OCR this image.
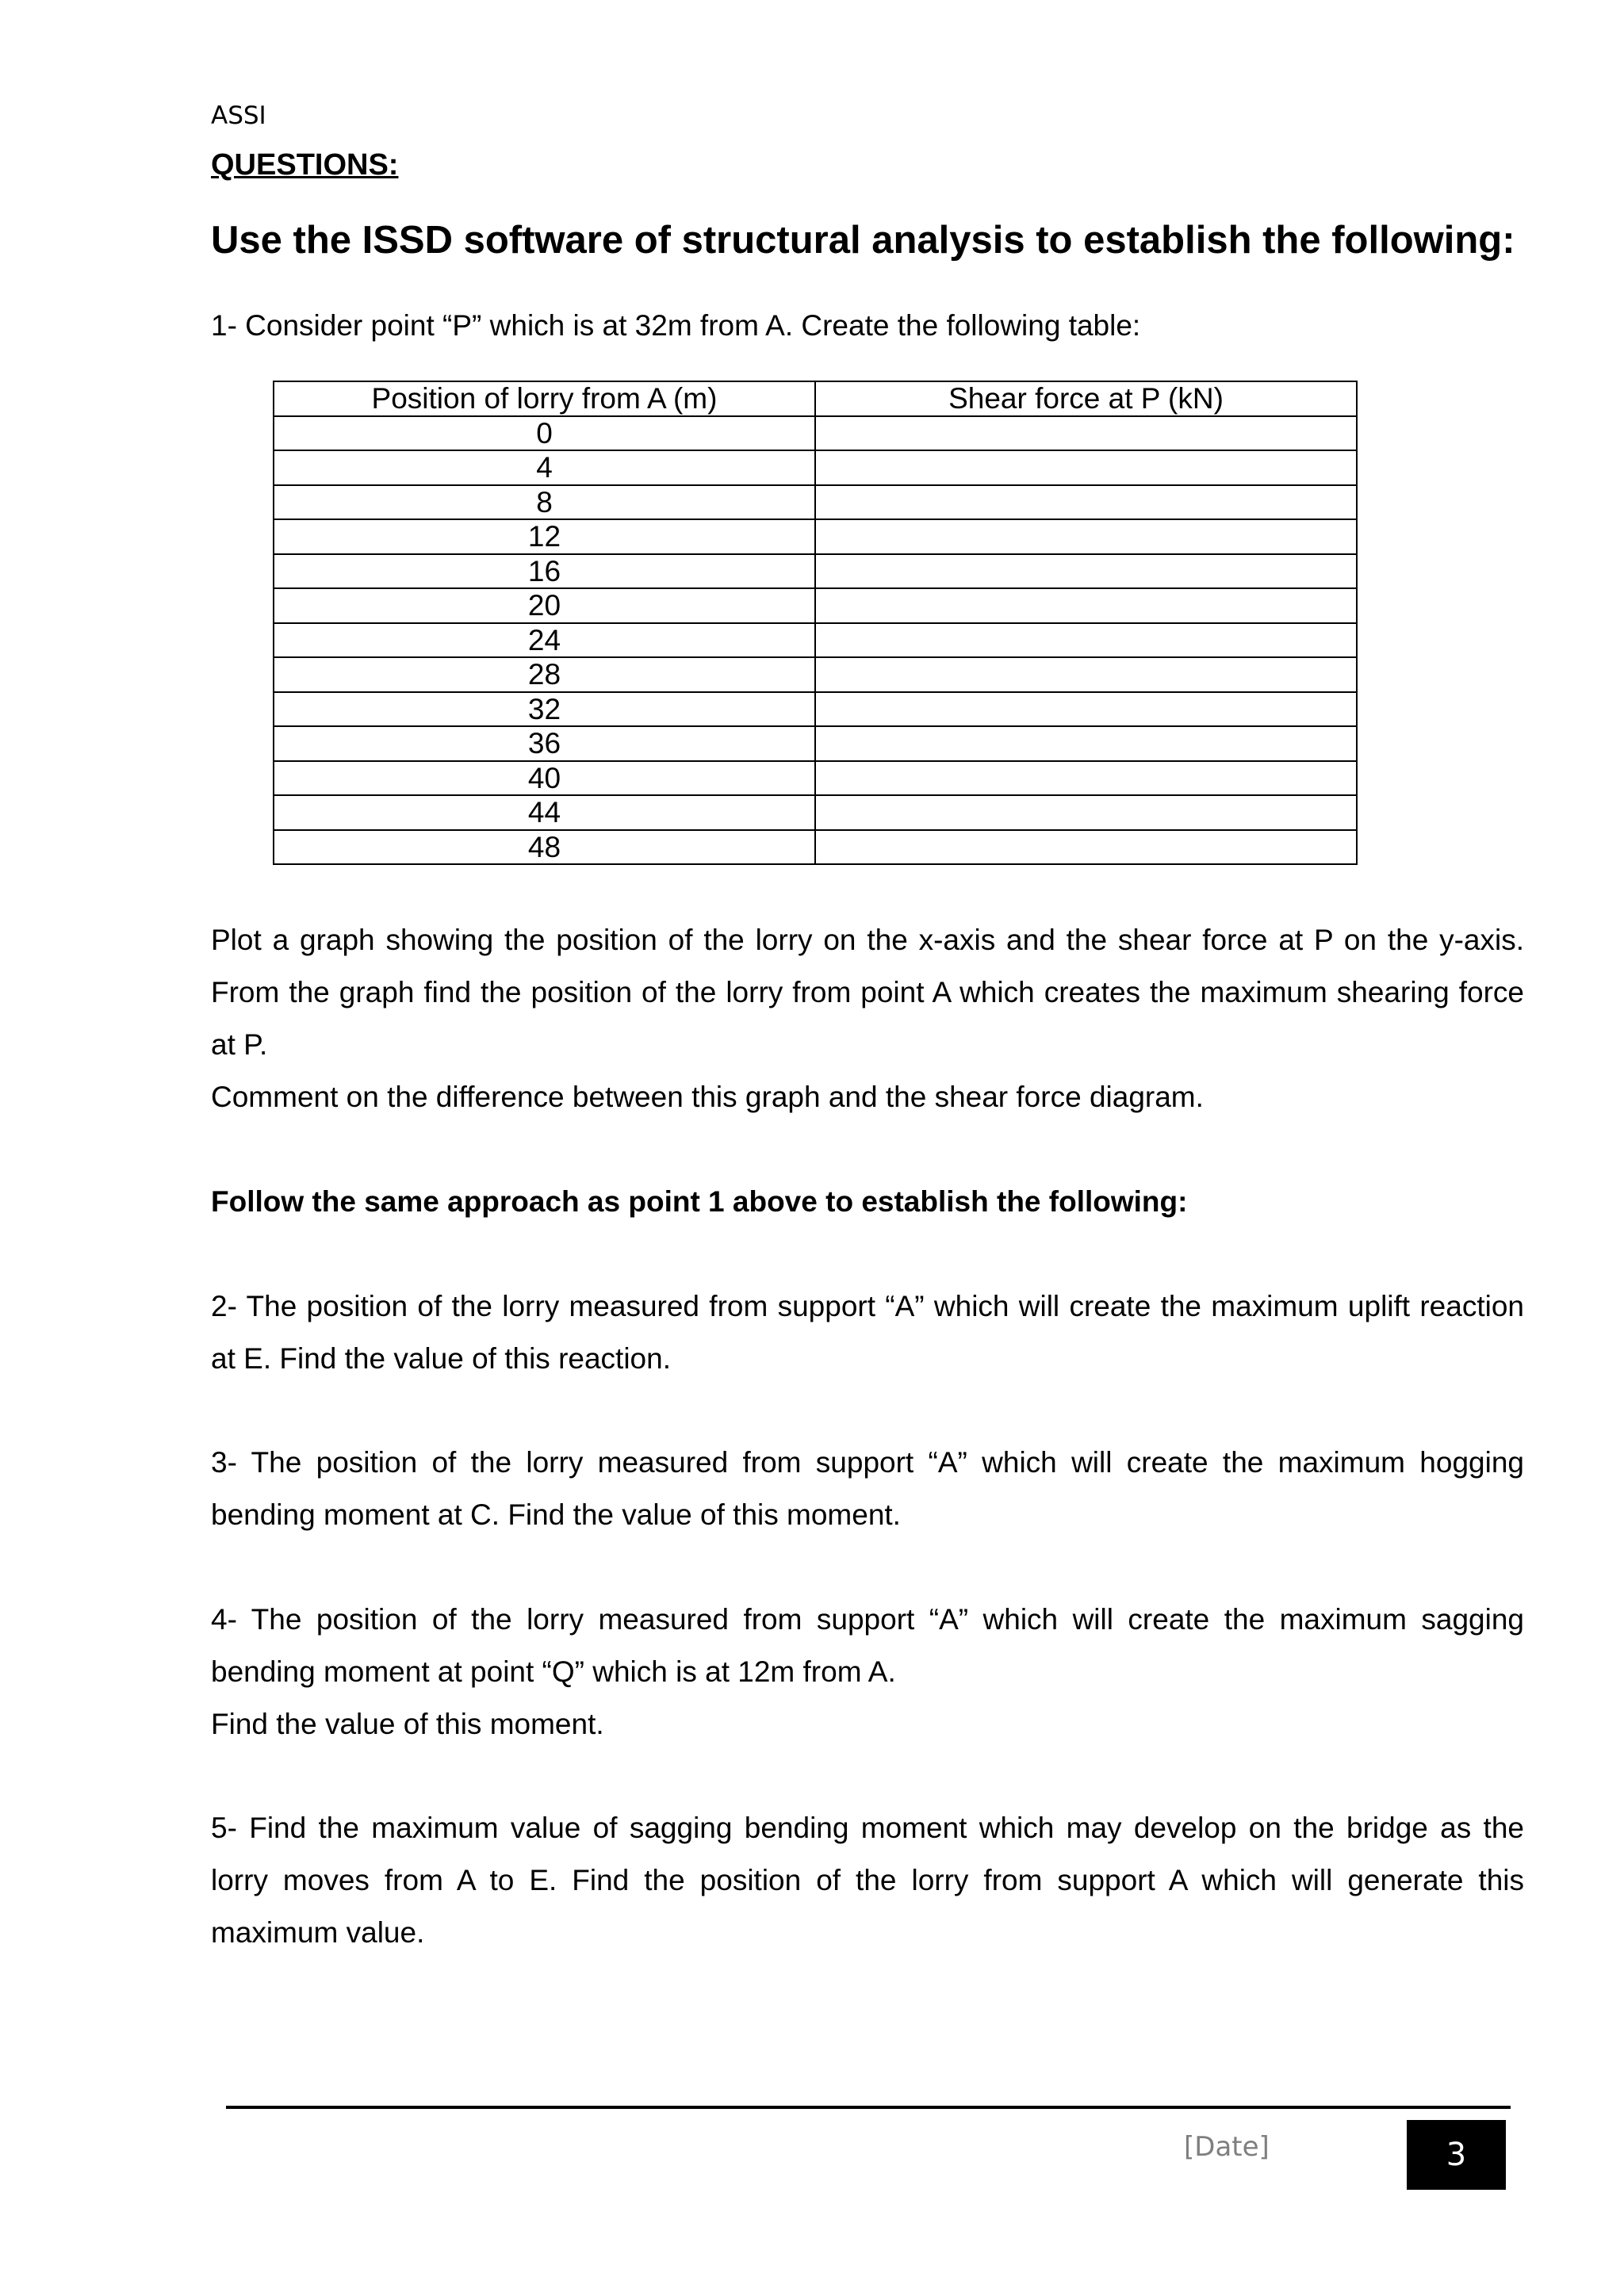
ASSI
QUESTIONS:
Use the ISSD software of structural analysis to establish the following:
1- Consider point “P” which is at 32m from A. Create the following table:
Position of lorry from A (m)	Shear force at P (kN)
0	
4	
8	
12	
16	
20	
24	
28	
32	
36	
40	
44	
48	
Plot a graph showing the position of the lorry on the x-axis and the shear force at P on the y-axis. From the graph find the position of the lorry from point A which creates the maximum shearing force at P.
Comment on the difference between this graph and the shear force diagram.
Follow the same approach as point 1 above to establish the following:
2- The position of the lorry measured from support “A” which will create the maximum uplift reaction at E. Find the value of this reaction.
3- The position of the lorry measured from support “A” which will create the maximum hogging bending moment at C. Find the value of this moment.
4- The position of the lorry measured from support “A” which will create the maximum sagging bending moment at point “Q” which is at 12m from A.
Find the value of this moment.
5- Find the maximum value of sagging bending moment which may develop on the bridge as the lorry moves from A to E. Find the position of the lorry from support A which will generate this maximum value.
[Date]	3
